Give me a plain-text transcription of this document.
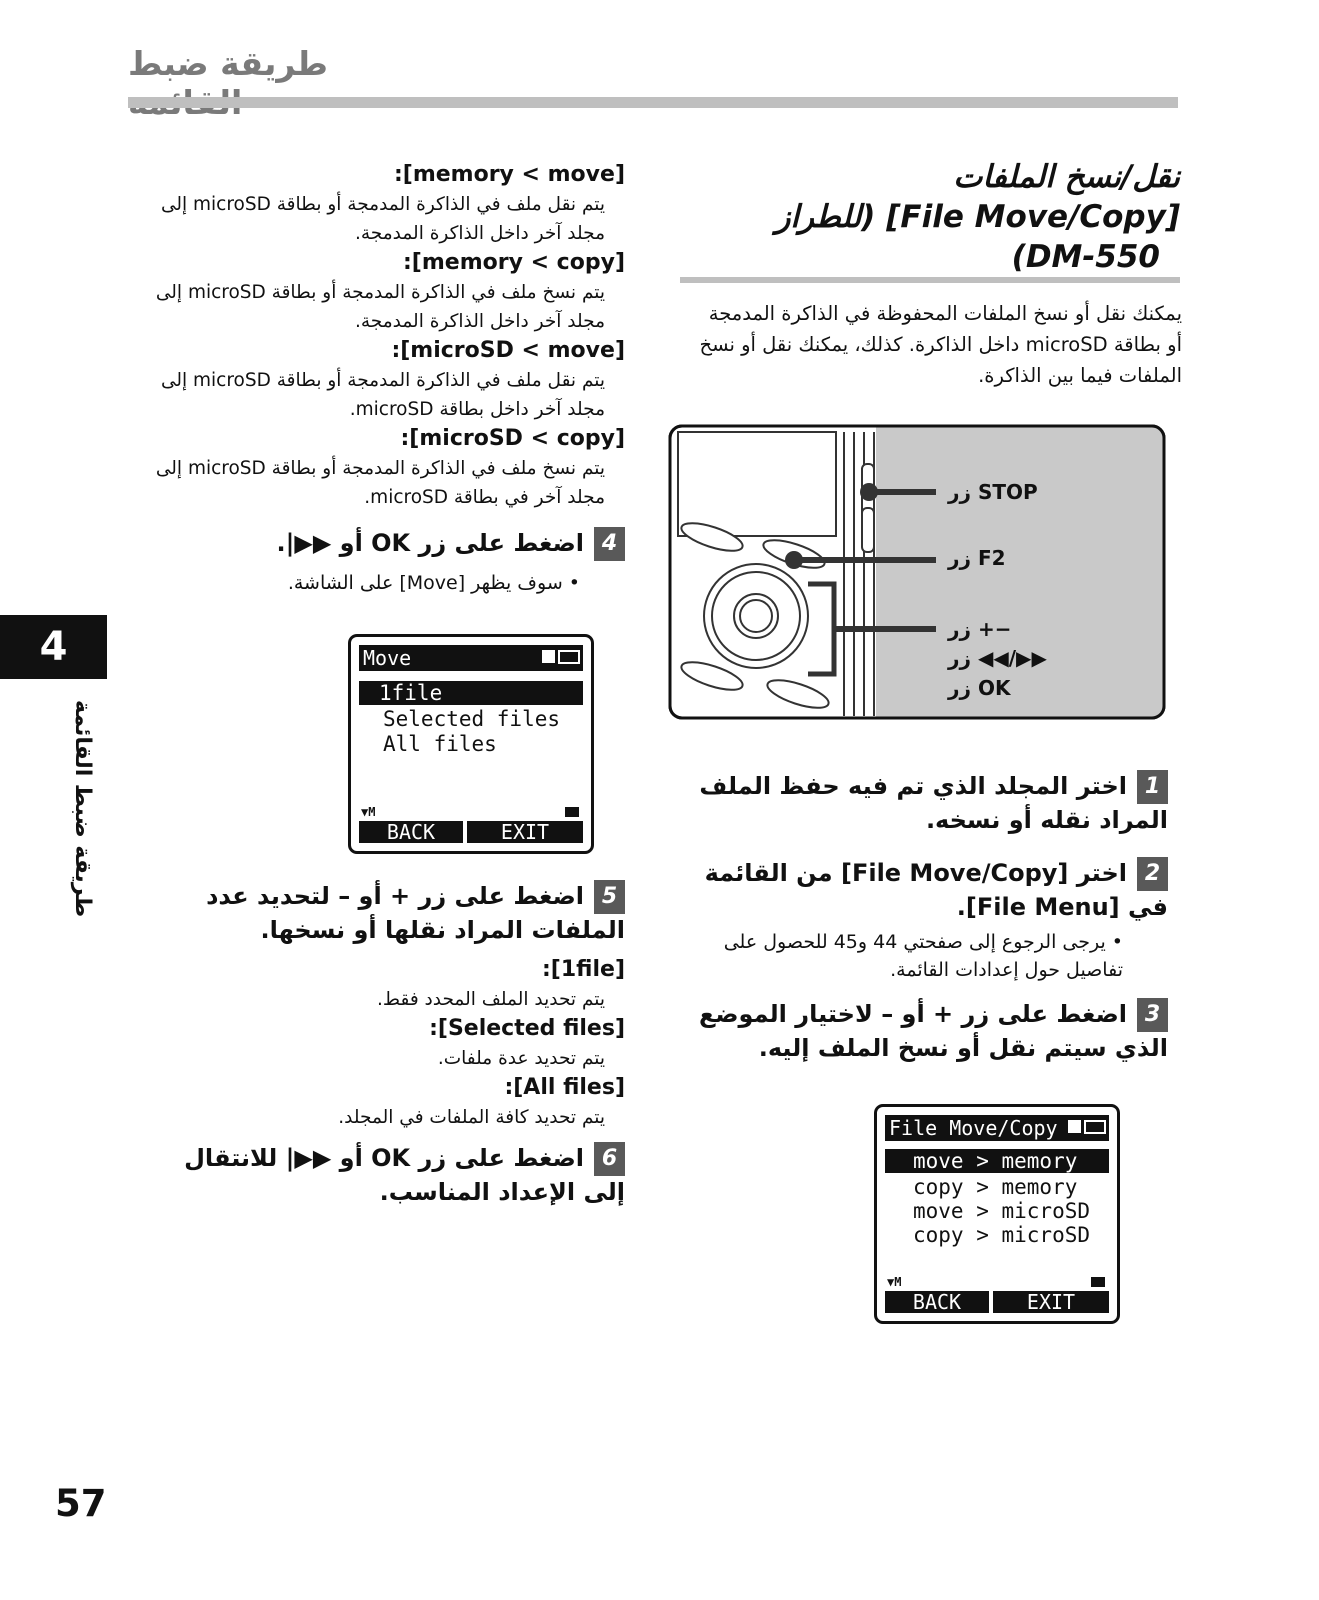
طريقة ضبط
نقل/نسخ الملفات
[File Move/Copy] (للطراز
DM-550)
يمكنك نقل أو نسخ الملفات المحفوظة في الذاكرة المدمجة أو بطاقة microSD داخل الذاكرة. كذلك، يمكنك نقل أو نسخ الملفات فيما بين الذاكرة.
زر STOP
زر F2
زر +−
زر ◀◀/▶▶
زر OK
1اختر المجلد الذي تم فيه حفظ الملف المراد نقله أو نسخه.
2اختر [File Move/Copy] من القائمة في [File Menu].
• يرجى الرجوع إلى صفحتي 44 و45 للحصول على تفاصيل حول إعدادات القائمة.
3اضغط على زر + أو – لاختيار الموضع الذي سيتم نقل أو نسخ الملف إليه.
File Move/Copy
move > memory
copy > memory
move > microSD
copy > microSD
▼M
BACK	EXIT
[memory < move]:
يتم نقل ملف في الذاكرة المدمجة أو بطاقة microSD إلى مجلد آخر داخل الذاكرة المدمجة.
[memory < copy]:
يتم نسخ ملف في الذاكرة المدمجة أو بطاقة microSD إلى مجلد آخر داخل الذاكرة المدمجة.
[microSD < move]:
يتم نقل ملف في الذاكرة المدمجة أو بطاقة microSD إلى مجلد آخر داخل بطاقة microSD.
[microSD < copy]:
يتم نسخ ملف في الذاكرة المدمجة أو بطاقة microSD إلى مجلد آخر في بطاقة microSD.
4اضغط على زر OK أو ▶▶|.
• سوف يظهر [Move] على الشاشة.
Move
1file
Selected files
All files
▼M
BACK	EXIT
5اضغط على زر + أو – لتحديد عدد الملفات المراد نقلها أو نسخها.
[1file]:
يتم تحديد الملف المحدد فقط.
[Selected files]:
يتم تحديد عدة ملفات.
[All files]:
يتم تحديد كافة الملفات في المجلد.
6اضغط على زر OK أو ▶▶| للانتقال إلى الإعداد المناسب.
4
طريقة ضبط القائمة
57
